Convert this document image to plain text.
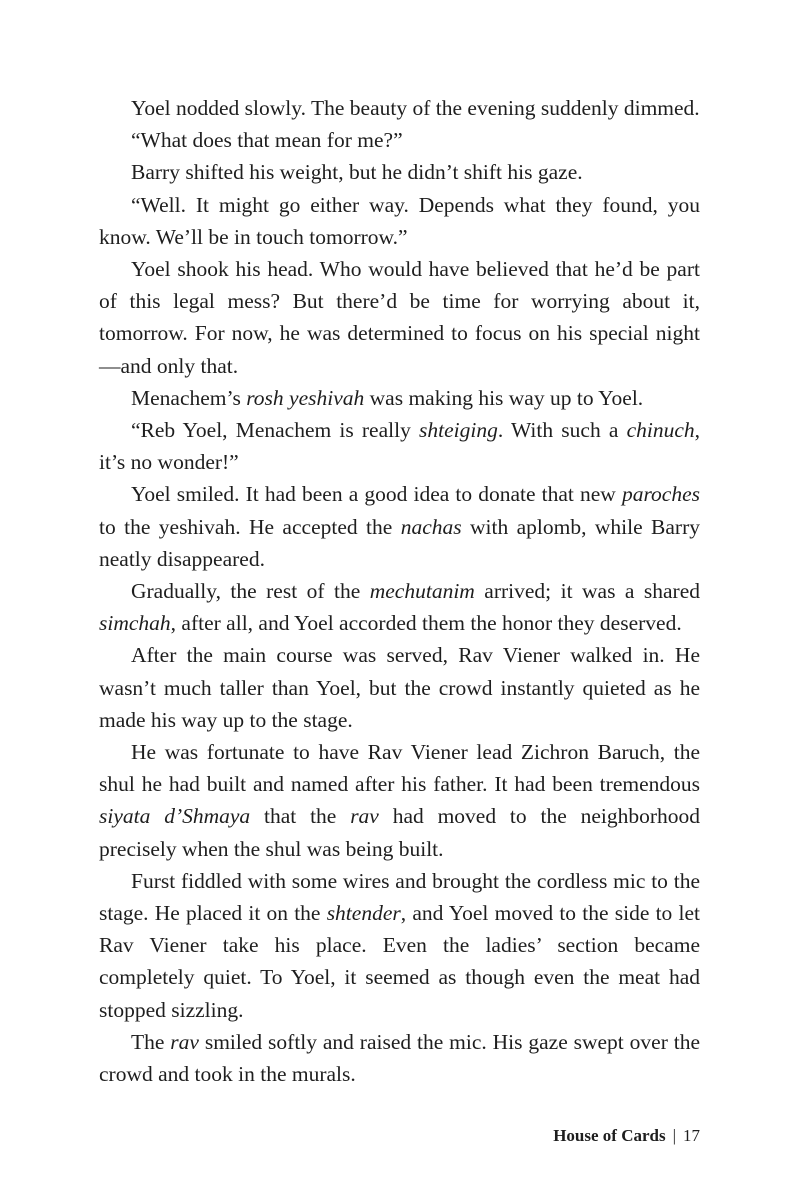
Yoel nodded slowly. The beauty of the evening suddenly dimmed.

“What does that mean for me?”

Barry shifted his weight, but he didn’t shift his gaze.

“Well. It might go either way. Depends what they found, you know. We’ll be in touch tomorrow.”

Yoel shook his head. Who would have believed that he’d be part of this legal mess? But there’d be time for worrying about it, tomorrow. For now, he was determined to focus on his special night—and only that.

Menachem’s rosh yeshivah was making his way up to Yoel.

“Reb Yoel, Menachem is really shteiging. With such a chinuch, it’s no wonder!”

Yoel smiled. It had been a good idea to donate that new paroches to the yeshivah. He accepted the nachas with aplomb, while Barry neatly disappeared.

Gradually, the rest of the mechutanim arrived; it was a shared simchah, after all, and Yoel accorded them the honor they deserved.

After the main course was served, Rav Viener walked in. He wasn’t much taller than Yoel, but the crowd instantly quieted as he made his way up to the stage.

He was fortunate to have Rav Viener lead Zichron Baruch, the shul he had built and named after his father. It had been tremendous siyata d’Shmaya that the rav had moved to the neighborhood precisely when the shul was being built.

Furst fiddled with some wires and brought the cordless mic to the stage. He placed it on the shtender, and Yoel moved to the side to let Rav Viener take his place. Even the ladies’ section became completely quiet. To Yoel, it seemed as though even the meat had stopped sizzling.

The rav smiled softly and raised the mic. His gaze swept over the crowd and took in the murals.

House of Cards | 17
